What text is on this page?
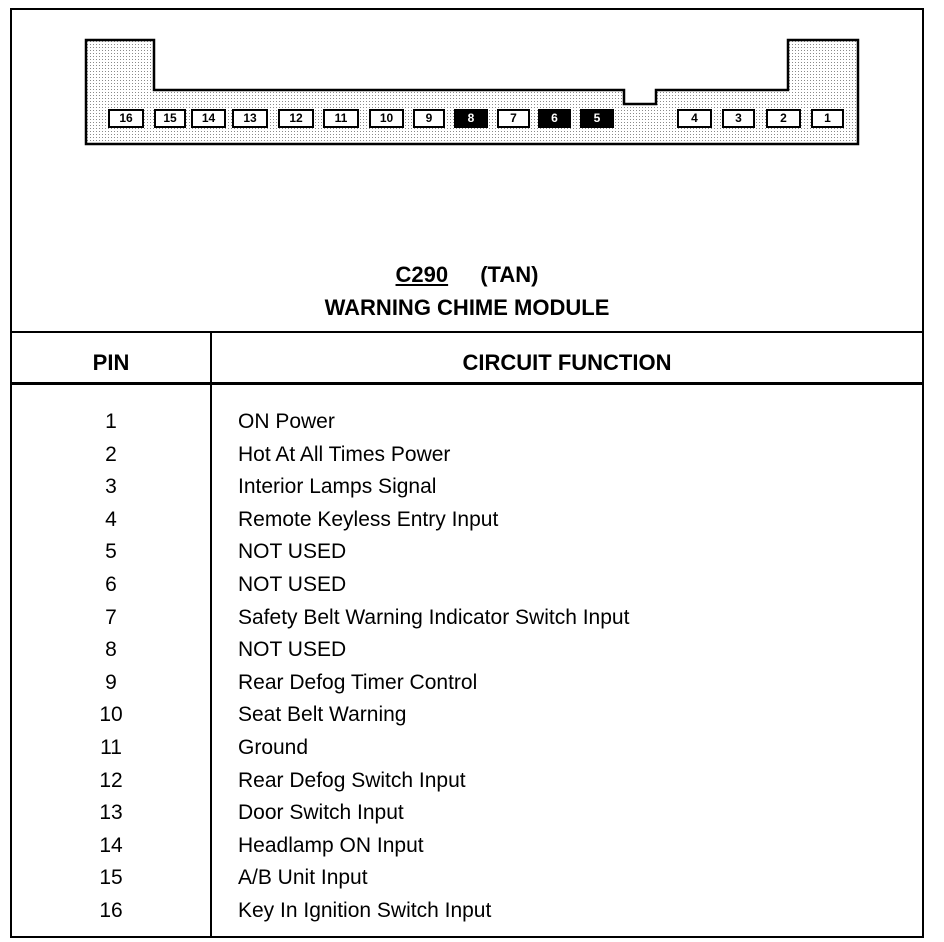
16	15	14	13	12	11	10	9	8	7	6	5	4	3	2	1
C290 (TAN)
WARNING CHIME MODULE
PIN	CIRCUIT FUNCTION
1	ON Power
2	Hot At All Times Power
3	Interior Lamps Signal
4	Remote Keyless Entry Input
5	NOT USED
6	NOT USED
7	Safety Belt Warning Indicator Switch Input
8	NOT USED
9	Rear Defog Timer Control
10	Seat Belt Warning
11	Ground
12	Rear Defog Switch Input
13	Door Switch Input
14	Headlamp ON Input
15	A/B Unit Input
16	Key In Ignition Switch Input
